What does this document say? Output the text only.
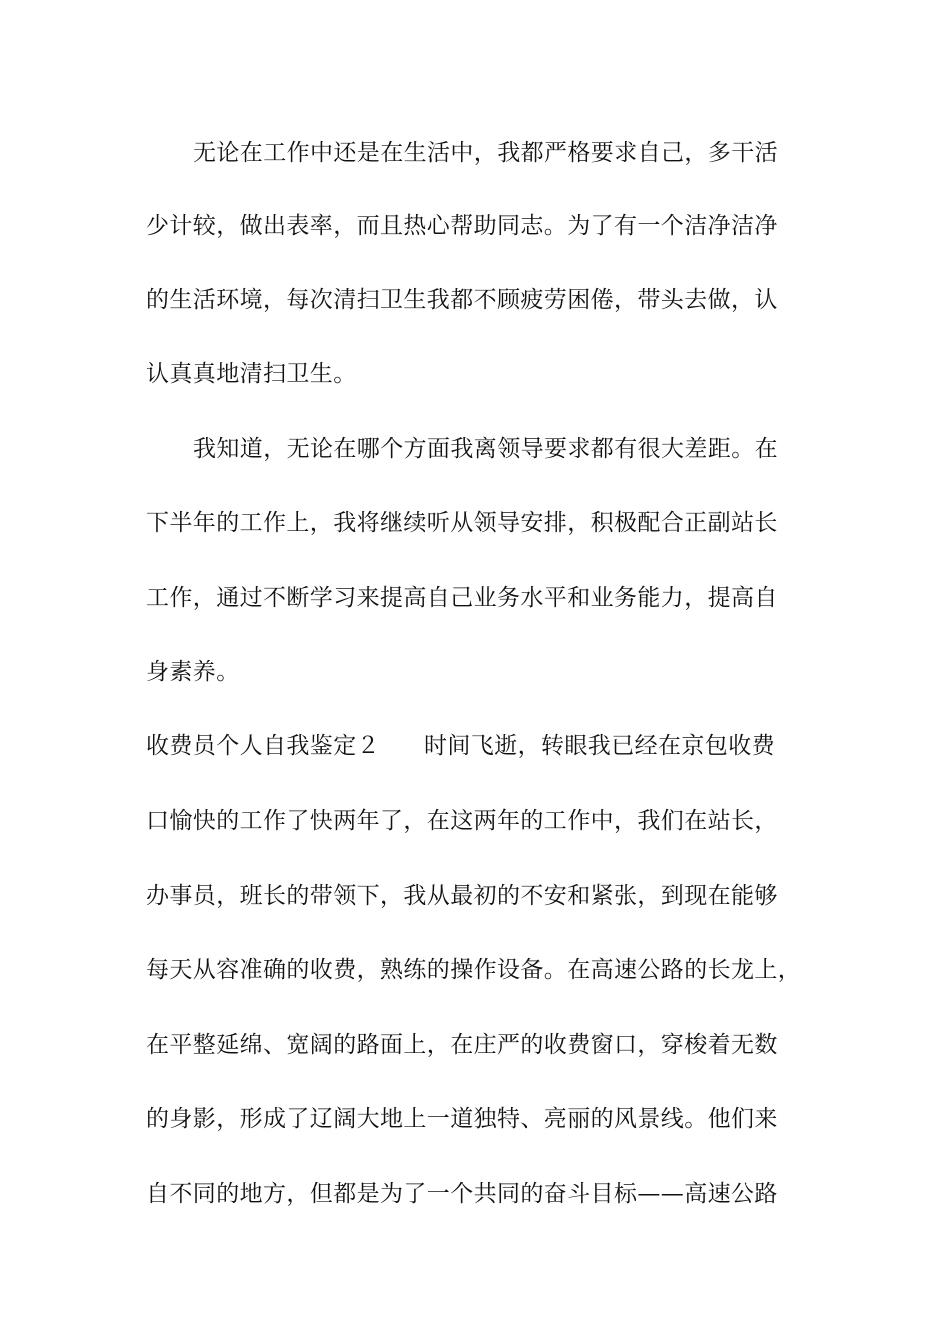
无论在工作中还是在生活中，我都严格要求自己，多干活
少计较，做出表率，而且热心帮助同志。为了有一个洁净洁净
的生活环境，每次清扫卫生我都不顾疲劳困倦，带头去做，认
认真真地清扫卫生。
我知道，无论在哪个方面我离领导要求都有很大差距。在
下半年的工作上，我将继续听从领导安排，积极配合正副站长
工作，通过不断学习来提高自己业务水平和业务能力，提高自
身素养。
收费员个人自我鉴定２ 时间飞逝，转眼我已经在京包收费
口愉快的工作了快两年了，在这两年的工作中，我们在站长，
办事员，班长的带领下，我从最初的不安和紧张，到现在能够
每天从容准确的收费，熟练的操作设备。在高速公路的长龙上，
在平整延绵、宽阔的路面上，在庄严的收费窗口，穿梭着无数
的身影，形成了辽阔大地上一道独特、亮丽的风景线。他们来
自不同的地方，但都是为了一个共同的奋斗目标——高速公路
